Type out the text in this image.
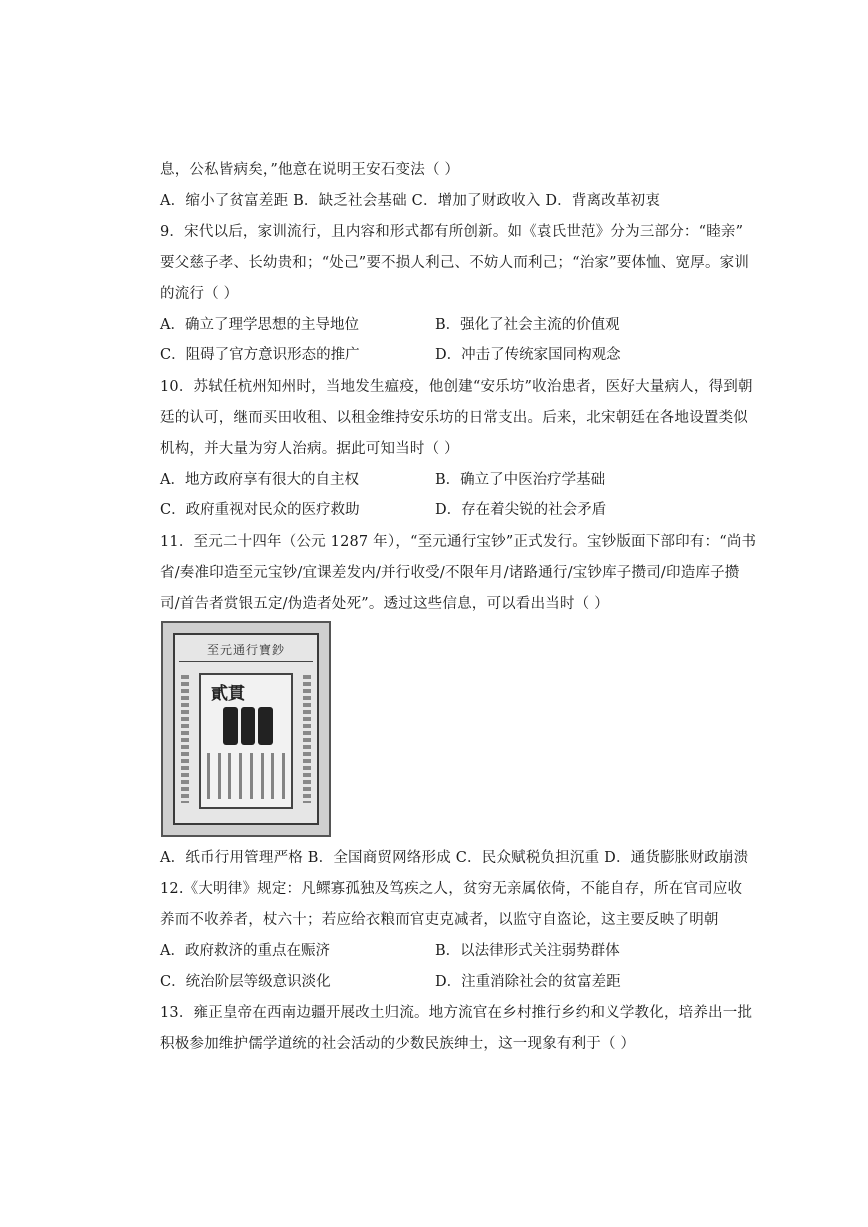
息，公私皆病矣，”他意在说明王安石变法（ ）
A．缩小了贫富差距 B．缺乏社会基础 C．增加了财政收入 D．背离改革初衷
9．宋代以后，家训流行，且内容和形式都有所创新。如《袁氏世范》分为三部分：“睦亲”
要父慈子孝、长幼贵和；“处己”要不损人利己、不妨人而利己；“治家”要体恤、宽厚。家训
的流行（ ）
A．确立了理学思想的主导地位	B．强化了社会主流的价值观
C．阻碍了官方意识形态的推广	D．冲击了传统家国同构观念
10．苏轼任杭州知州时，当地发生瘟疫，他创建“安乐坊”收治患者，医好大量病人，得到朝
廷的认可，继而买田收租、以租金维持安乐坊的日常支出。后来，北宋朝廷在各地设置类似
机构，并大量为穷人治病。据此可知当时（ ）
A．地方政府享有很大的自主权	B．确立了中医治疗学基础
C．政府重视对民众的医疗救助	D．存在着尖锐的社会矛盾
11．至元二十四年（公元 1287 年），“至元通行宝钞”正式发行。宝钞版面下部印有：“尚书
省/奏准印造至元宝钞/宜课差发内/并行收受/不限年月/诸路通行/宝钞库子攒司/印造库子攒
司/首告者赏银五定/伪造者处死”。透过这些信息，可以看出当时（ ）
至元通行寶鈔
貳貫
A．纸币行用管理严格 B．全国商贸网络形成 C．民众赋税负担沉重 D．通货膨胀财政崩溃
12.《大明律》规定：凡鳏寡孤独及笃疾之人，贫穷无亲属依倚，不能自存，所在官司应收
养而不收养者，杖六十；若应给衣粮而官吏克减者，以监守自盗论，这主要反映了明朝
A．政府救济的重点在赈济	B．以法律形式关注弱势群体
C．统治阶层等级意识淡化	D．注重消除社会的贫富差距
13．雍正皇帝在西南边疆开展改土归流。地方流官在乡村推行乡约和义学教化，培养出一批
积极参加维护儒学道统的社会活动的少数民族绅士，这一现象有利于（ ）
